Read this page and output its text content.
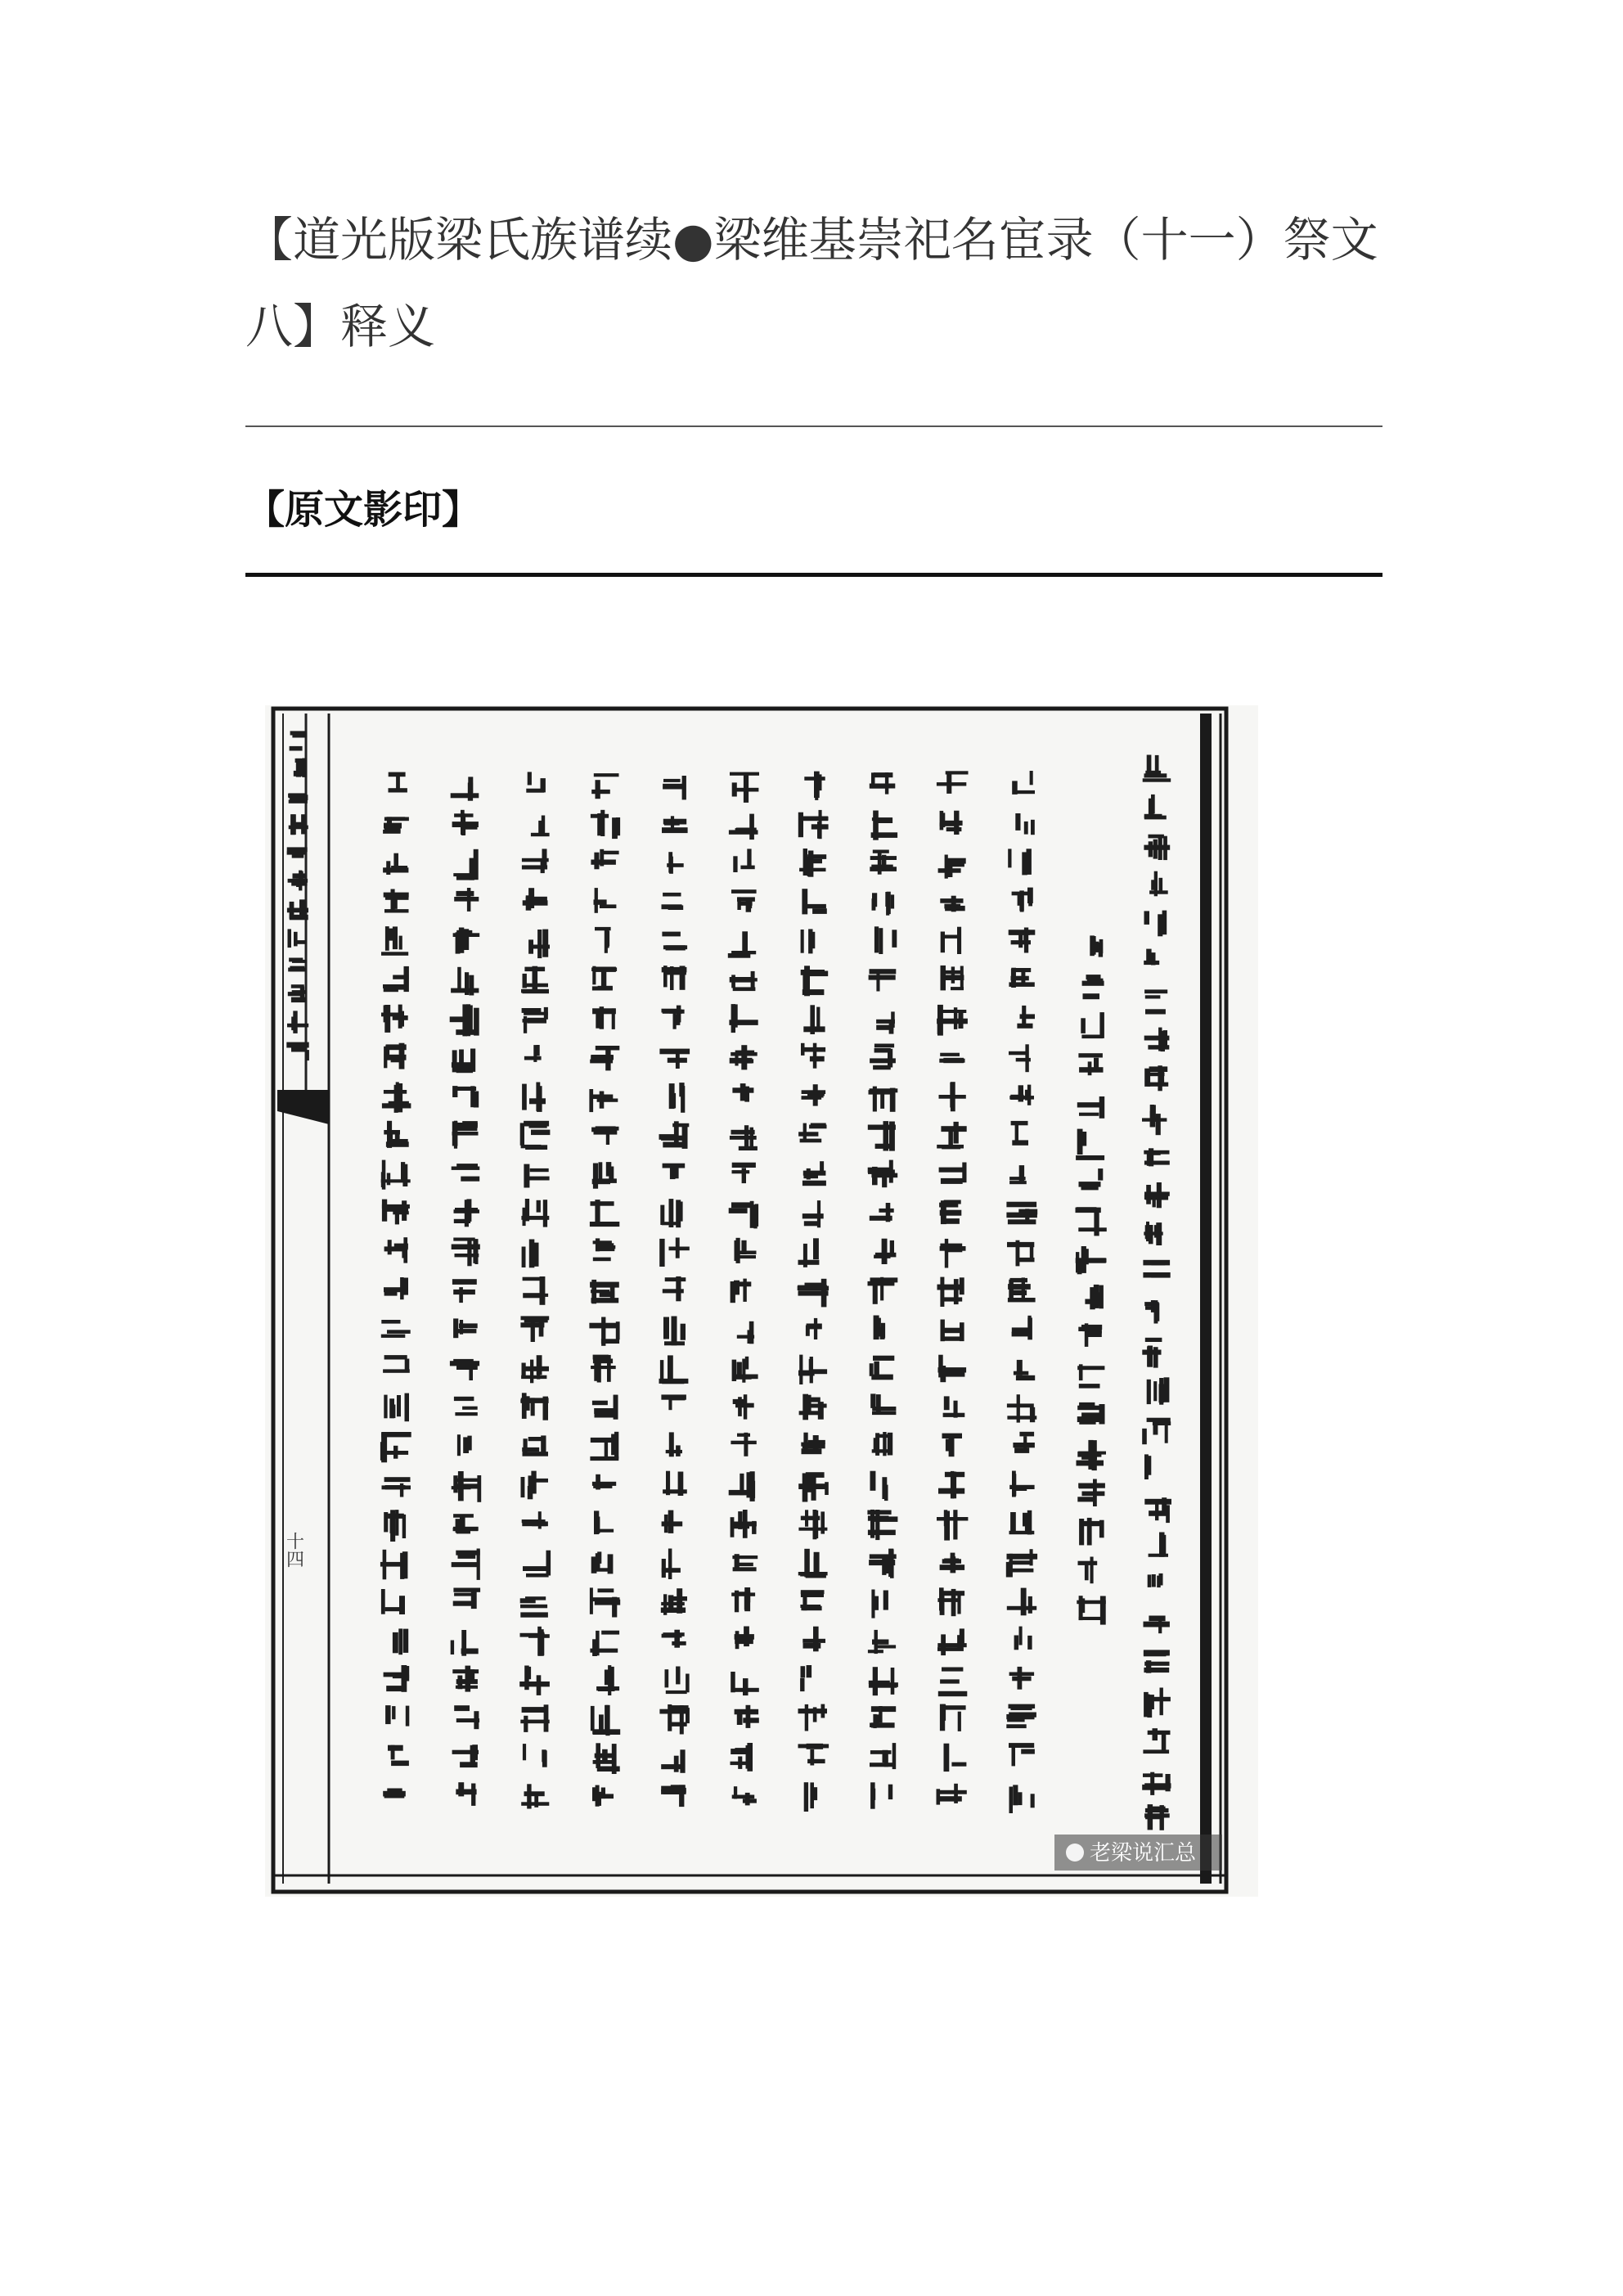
【道光版梁氏族谱续●梁维基崇祀名宦录（十一）祭文八】释义
【原文影印】
十四
老梁说汇总
